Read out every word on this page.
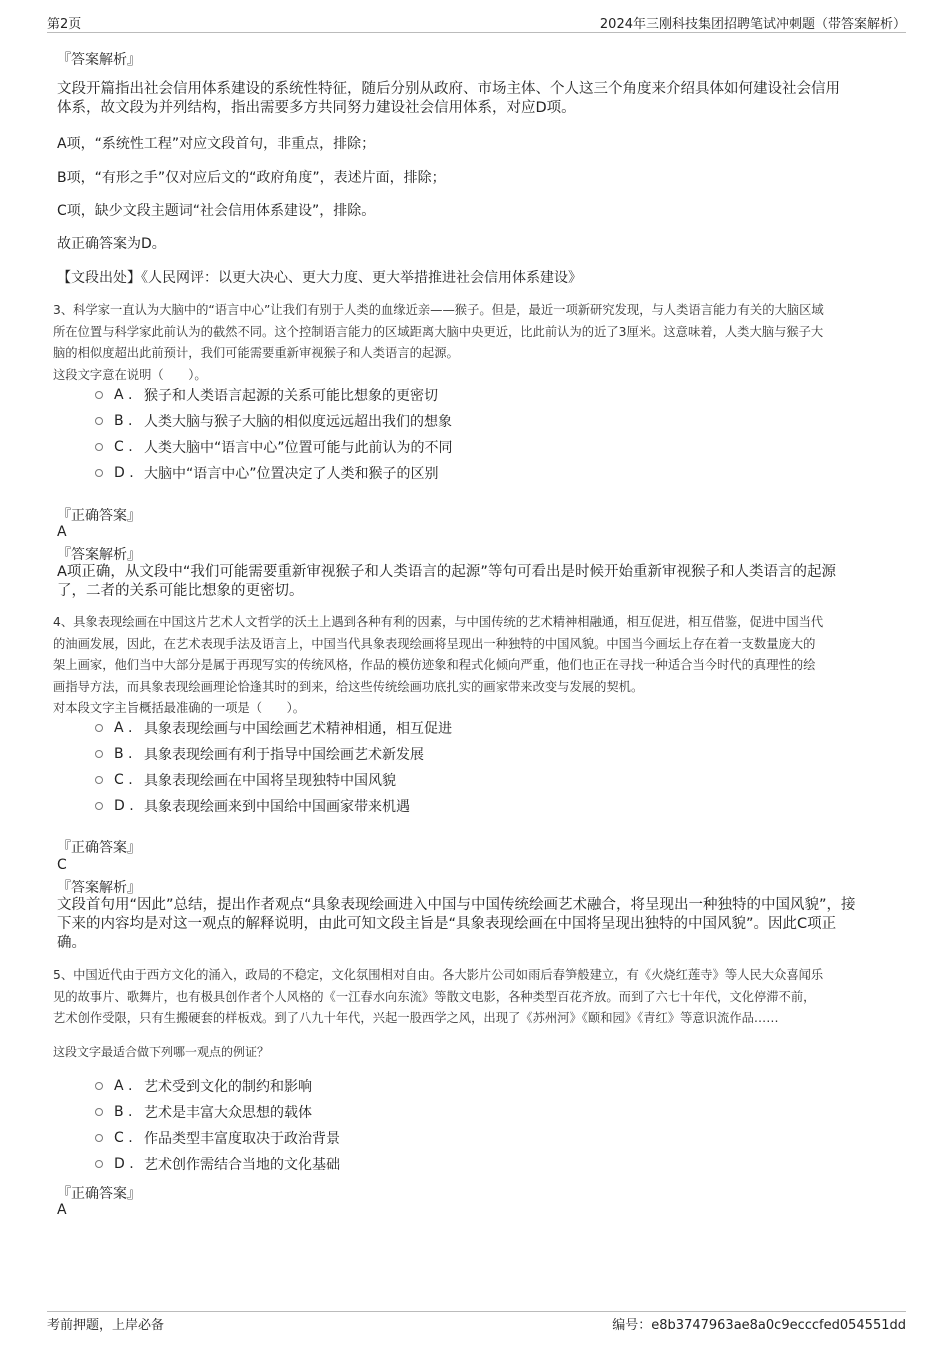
第2页	2024年三刚科技集团招聘笔试冲刺题（带答案解析）
『答案解析』
文段开篇指出社会信用体系建设的系统性特征，随后分别从政府、市场主体、个人这三个角度来介绍具体如何建设社会信用
体系，故文段为并列结构，指出需要多方共同努力建设社会信用体系，对应D项。
A项，“系统性工程”对应文段首句，非重点，排除；
B项，“有形之手”仅对应后文的“政府角度”，表述片面，排除；
C项，缺少文段主题词“社会信用体系建设”，排除。
故正确答案为D。
【文段出处】《人民网评：以更大决心、更大力度、更大举措推进社会信用体系建设》
3、科学家一直认为大脑中的“语言中心”让我们有别于人类的血缘近亲——猴子。但是，最近一项新研究发现，与人类语言能力有关的大脑区域
所在位置与科学家此前认为的截然不同。这个控制语言能力的区域距离大脑中央更近，比此前认为的近了3厘米。这意味着，人类大脑与猴子大
脑的相似度超出此前预计，我们可能需要重新审视猴子和人类语言的起源。
这段文字意在说明（　　）。
A . 猴子和人类语言起源的关系可能比想象的更密切
B . 人类大脑与猴子大脑的相似度远远超出我们的想象
C . 人类大脑中“语言中心”位置可能与此前认为的不同
D . 大脑中“语言中心”位置决定了人类和猴子的区别
『正确答案』
A
『答案解析』
A项正确，从文段中“我们可能需要重新审视猴子和人类语言的起源”等句可看出是时候开始重新审视猴子和人类语言的起源
了，二者的关系可能比想象的更密切。
4、具象表现绘画在中国这片艺术人文哲学的沃土上遇到各种有利的因素，与中国传统的艺术精神相融通，相互促进，相互借鉴，促进中国当代
的油画发展，因此，在艺术表现手法及语言上，中国当代具象表现绘画将呈现出一种独特的中国风貌。中国当今画坛上存在着一支数量庞大的
架上画家，他们当中大部分是属于再现写实的传统风格，作品的模仿迹象和程式化倾向严重，他们也正在寻找一种适合当今时代的真理性的绘
画指导方法，而具象表现绘画理论恰逢其时的到来，给这些传统绘画功底扎实的画家带来改变与发展的契机。
对本段文字主旨概括最准确的一项是（　　）。
A . 具象表现绘画与中国绘画艺术精神相通，相互促进
B . 具象表现绘画有利于指导中国绘画艺术新发展
C . 具象表现绘画在中国将呈现独特中国风貌
D . 具象表现绘画来到中国给中国画家带来机遇
『正确答案』
C
『答案解析』
文段首句用“因此”总结，提出作者观点“具象表现绘画进入中国与中国传统绘画艺术融合，将呈现出一种独特的中国风貌”，接
下来的内容均是对这一观点的解释说明，由此可知文段主旨是“具象表现绘画在中国将呈现出独特的中国风貌”。因此C项正
确。
5、中国近代由于西方文化的涌入，政局的不稳定，文化氛围相对自由。各大影片公司如雨后春笋般建立，有《火烧红莲寺》等人民大众喜闻乐
见的故事片、歌舞片，也有极具创作者个人风格的《一江春水向东流》等散文电影，各种类型百花齐放。而到了六七十年代，文化停滞不前，
艺术创作受限，只有生搬硬套的样板戏。到了八九十年代，兴起一股西学之风，出现了《苏州河》《颐和园》《青红》等意识流作品……
这段文字最适合做下列哪一观点的例证？
A . 艺术受到文化的制约和影响
B . 艺术是丰富大众思想的载体
C . 作品类型丰富度取决于政治背景
D . 艺术创作需结合当地的文化基础
『正确答案』
A
考前押题，上岸必备	编号：e8b3747963ae8a0c9ecccfed054551dd
